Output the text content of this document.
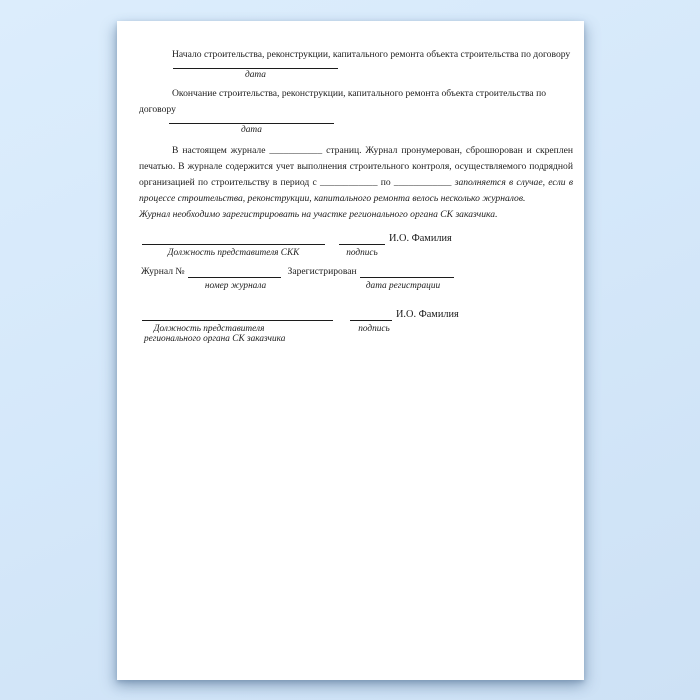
Начало строительства, реконструкции, капитального ремонта объекта строительства по договору
дата
Окончание строительства, реконструкции, капитального ремонта объекта строительства по договору
дата
В настоящем журнале ___________ страниц. Журнал пронумерован, сброшюрован и скреплен
печатью. В журнале содержится учет выполнения строительного контроля, осуществляемого подрядной
организацией по строительству в период с ____________ по ____________ заполняется в случае, если в
процессе строительства, реконструкции, капитального ремонта велось несколько журналов.
Журнал необходимо зарегистрировать на участке регионального органа СК заказчика.
И.О. Фамилия
Должность представителя СКК	подпись
Журнал №	Зарегистрирован
номер журнала	дата регистрации
И.О. Фамилия
Должность представителя
регионального органа СК заказчика
подпись
